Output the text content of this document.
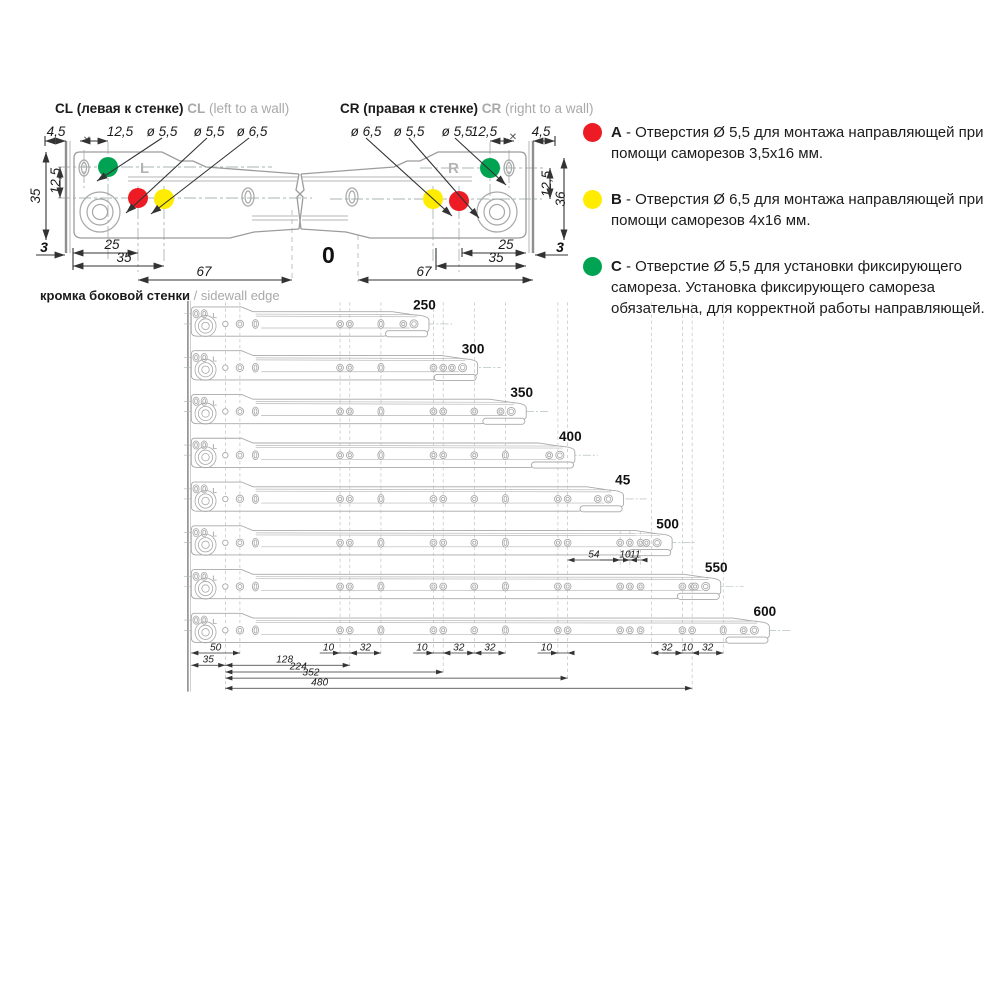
CL (левая к стенке) CL (left to a wall)	CR (правая к стенке) CR (right to a wall)
A - Отверстия Ø 5,5 для монтажа направляющей при помощи саморезов 3,5х16 мм.
B - Отверстия Ø 6,5 для монтажа направляющей при помощи саморезов 4х16 мм.
C - Отверстие Ø 5,5 для установки фиксирующего самореза. Установка фиксирующего самореза обязательна, для корректной работы направляющей.
кромка боковой стенки / sidewall edge
L
4,5
✕
12,5 ø 5,5 ø 5,5 ø 6,5
35
12,5
3	25
35
67
R
ø 6,5 ø 5,5 ø 5,5
12,5 ✕ 4,5
12,5
36
25
35
67
3
0
L
L
L
L
L
L
L
L
250
300
350
400
45
500
550
600
50	10 32	10 32 32	10	32 10 32
35	128
224
352
480
54 10 11
